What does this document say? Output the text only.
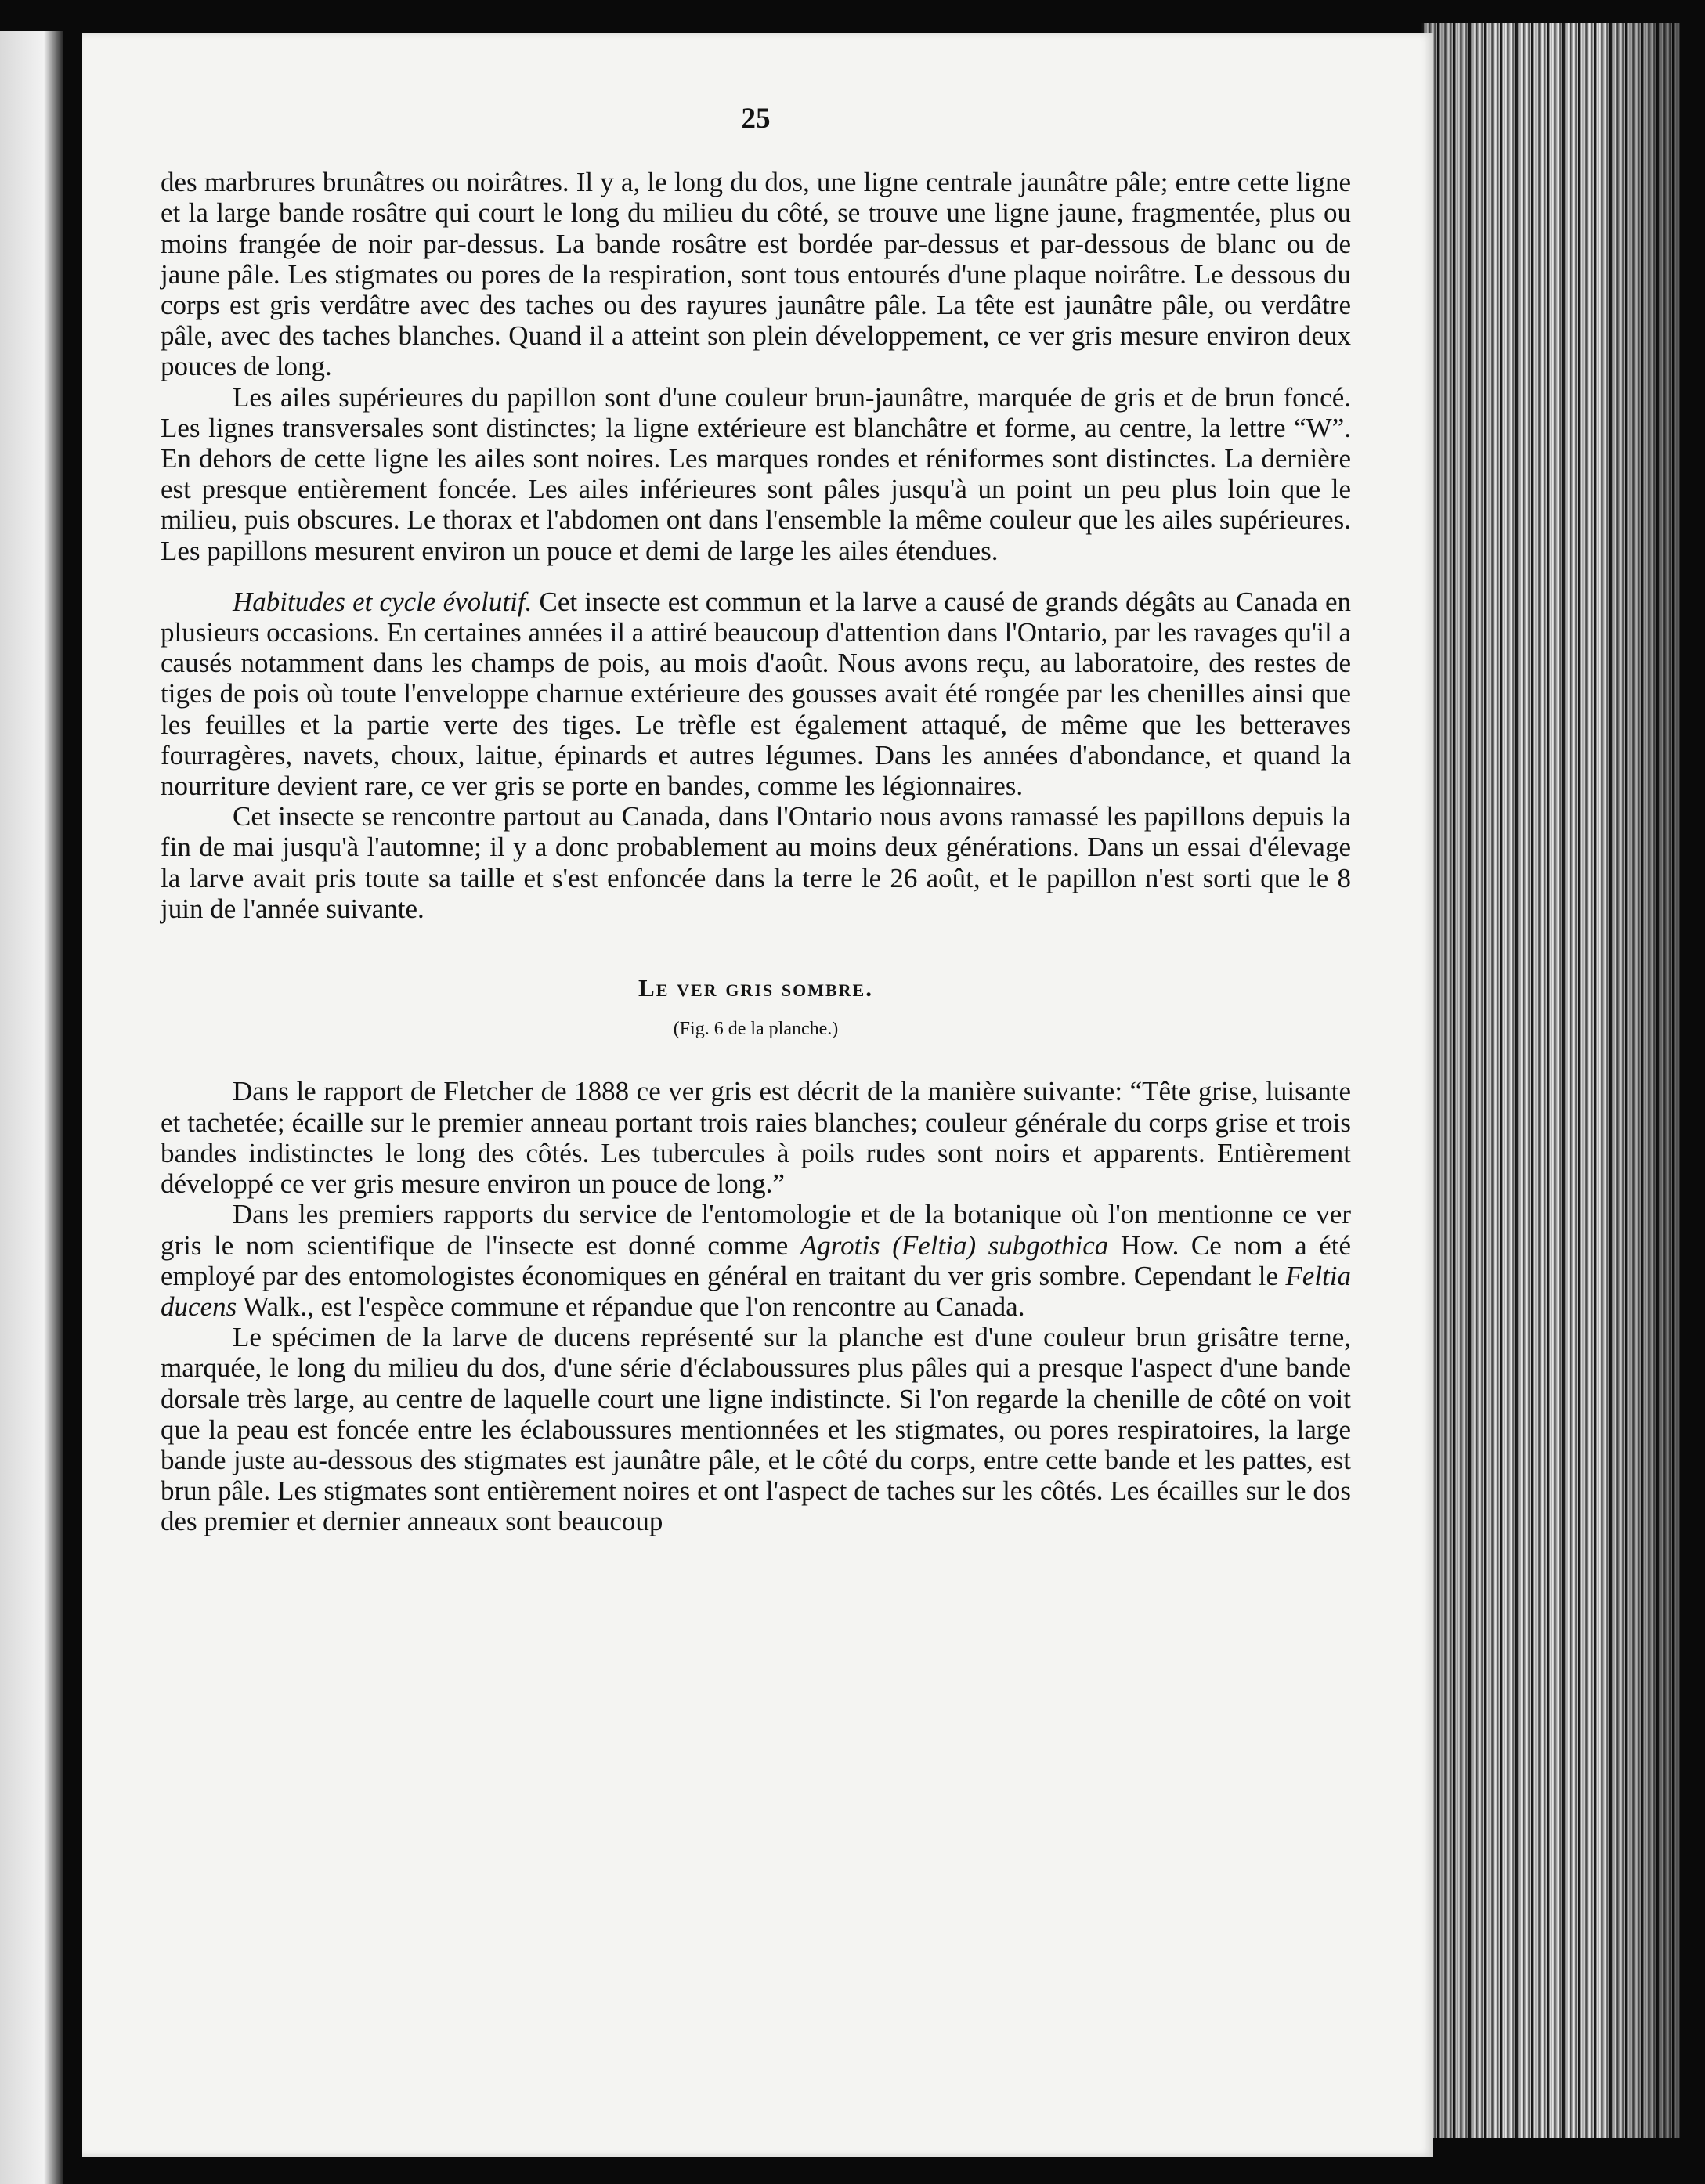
25

des marbrures brunâtres ou noirâtres. Il y a, le long du dos, une ligne centrale jaunâtre pâle; entre cette ligne et la large bande rosâtre qui court le long du milieu du côté, se trouve une ligne jaune, fragmentée, plus ou moins frangée de noir par-dessus. La bande rosâtre est bordée par-dessus et par-dessous de blanc ou de jaune pâle. Les stigmates ou pores de la respiration, sont tous entourés d'une plaque noirâtre. Le dessous du corps est gris verdâtre avec des taches ou des rayures jaunâtre pâle. La tête est jaunâtre pâle, ou verdâtre pâle, avec des taches blanches. Quand il a atteint son plein développement, ce ver gris mesure environ deux pouces de long.

Les ailes supérieures du papillon sont d'une couleur brun-jaunâtre, marquée de gris et de brun foncé. Les lignes transversales sont distinctes; la ligne extérieure est blanchâtre et forme, au centre, la lettre “W”. En dehors de cette ligne les ailes sont noires. Les marques rondes et réniformes sont distinctes. La dernière est presque entièrement foncée. Les ailes inférieures sont pâles jusqu'à un point un peu plus loin que le milieu, puis obscures. Le thorax et l'abdomen ont dans l'ensemble la même couleur que les ailes supérieures. Les papillons mesurent environ un pouce et demi de large les ailes étendues.

Habitudes et cycle évolutif. Cet insecte est commun et la larve a causé de grands dégâts au Canada en plusieurs occasions. En certaines années il a attiré beaucoup d'attention dans l'Ontario, par les ravages qu'il a causés notamment dans les champs de pois, au mois d'août. Nous avons reçu, au laboratoire, des restes de tiges de pois où toute l'enveloppe charnue extérieure des gousses avait été rongée par les chenilles ainsi que les feuilles et la partie verte des tiges. Le trèfle est également attaqué, de même que les betteraves fourragères, navets, choux, laitue, épinards et autres légumes. Dans les années d'abondance, et quand la nourriture devient rare, ce ver gris se porte en bandes, comme les légionnaires.

Cet insecte se rencontre partout au Canada, dans l'Ontario nous avons ramassé les papillons depuis la fin de mai jusqu'à l'automne; il y a donc probablement au moins deux générations. Dans un essai d'élevage la larve avait pris toute sa taille et s'est enfoncée dans la terre le 26 août, et le papillon n'est sorti que le 8 juin de l'année suivante.

Le ver gris sombre.
(Fig. 6 de la planche.)

Dans le rapport de Fletcher de 1888 ce ver gris est décrit de la manière suivante: “Tête grise, luisante et tachetée; écaille sur le premier anneau portant trois raies blanches; couleur générale du corps grise et trois bandes indistinctes le long des côtés. Les tubercules à poils rudes sont noirs et apparents. Entièrement développé ce ver gris mesure environ un pouce de long.”

Dans les premiers rapports du service de l'entomologie et de la botanique où l'on mentionne ce ver gris le nom scientifique de l'insecte est donné comme Agrotis (Feltia) subgothica How. Ce nom a été employé par des entomologistes économiques en général en traitant du ver gris sombre. Cependant le Feltia ducens Walk., est l'espèce commune et répandue que l'on rencontre au Canada.

Le spécimen de la larve de ducens représenté sur la planche est d'une couleur brun grisâtre terne, marquée, le long du milieu du dos, d'une série d'éclaboussures plus pâles qui a presque l'aspect d'une bande dorsale très large, au centre de laquelle court une ligne indistincte. Si l'on regarde la chenille de côté on voit que la peau est foncée entre les éclaboussures mentionnées et les stigmates, ou pores respiratoires, la large bande juste au-dessous des stigmates est jaunâtre pâle, et le côté du corps, entre cette bande et les pattes, est brun pâle. Les stigmates sont entièrement noires et ont l'aspect de taches sur les côtés. Les écailles sur le dos des premier et dernier anneaux sont beaucoup
